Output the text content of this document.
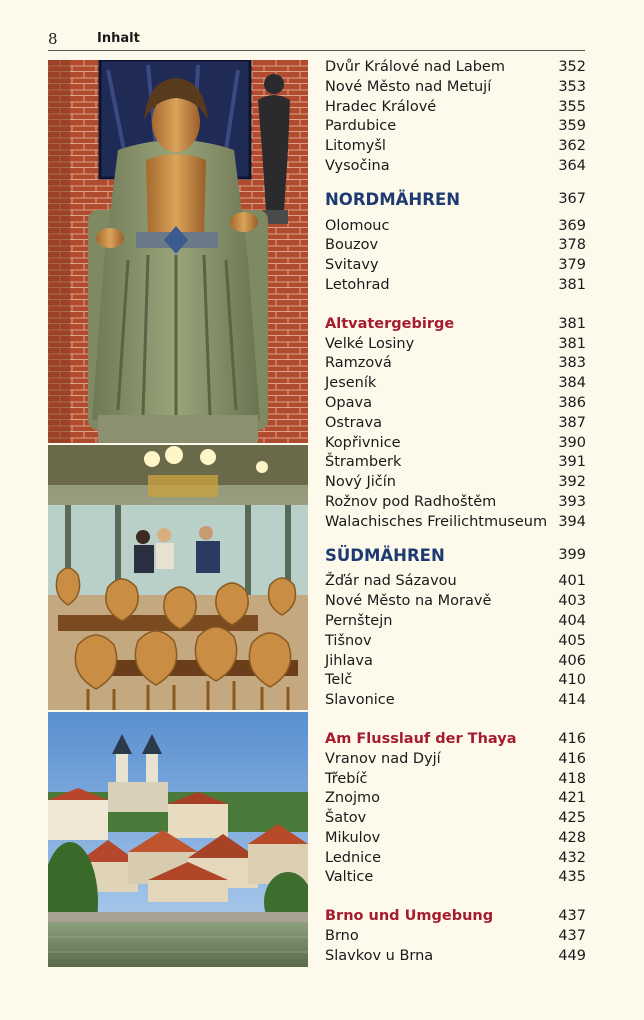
8	Inhalt
Dvůr Králové nad Labem	352
Nové Město nad Metují	353
Hradec Králové	355
Pardubice	359
Litomyšl	362
Vysočina	364
NORDMÄHREN	367
Olomouc	369
Bouzov	378
Svitavy	379
Letohrad	381
Altvatergebirge	381
Velké Losiny	381
Ramzová	383
Jeseník	384
Opava	386
Ostrava	387
Kopřivnice	390
Štramberk	391
Nový Jičín	392
Rožnov pod Radhoštěm	393
Walachisches Freilichtmuseum 394
SÜDMÄHREN	399
Žďár nad Sázavou	401
Nové Město na Moravě	403
Pernštejn	404
Tišnov	405
Jihlava	406
Telč	410
Slavonice	414
Am Flusslauf der Thaya	416
Vranov nad Dyjí	416
Třebíč	418
Znojmo	421
Šatov	425
Mikulov	428
Lednice	432
Valtice	435
Brno und Umgebung	437
Brno	437
Slavkov u Brna	449
